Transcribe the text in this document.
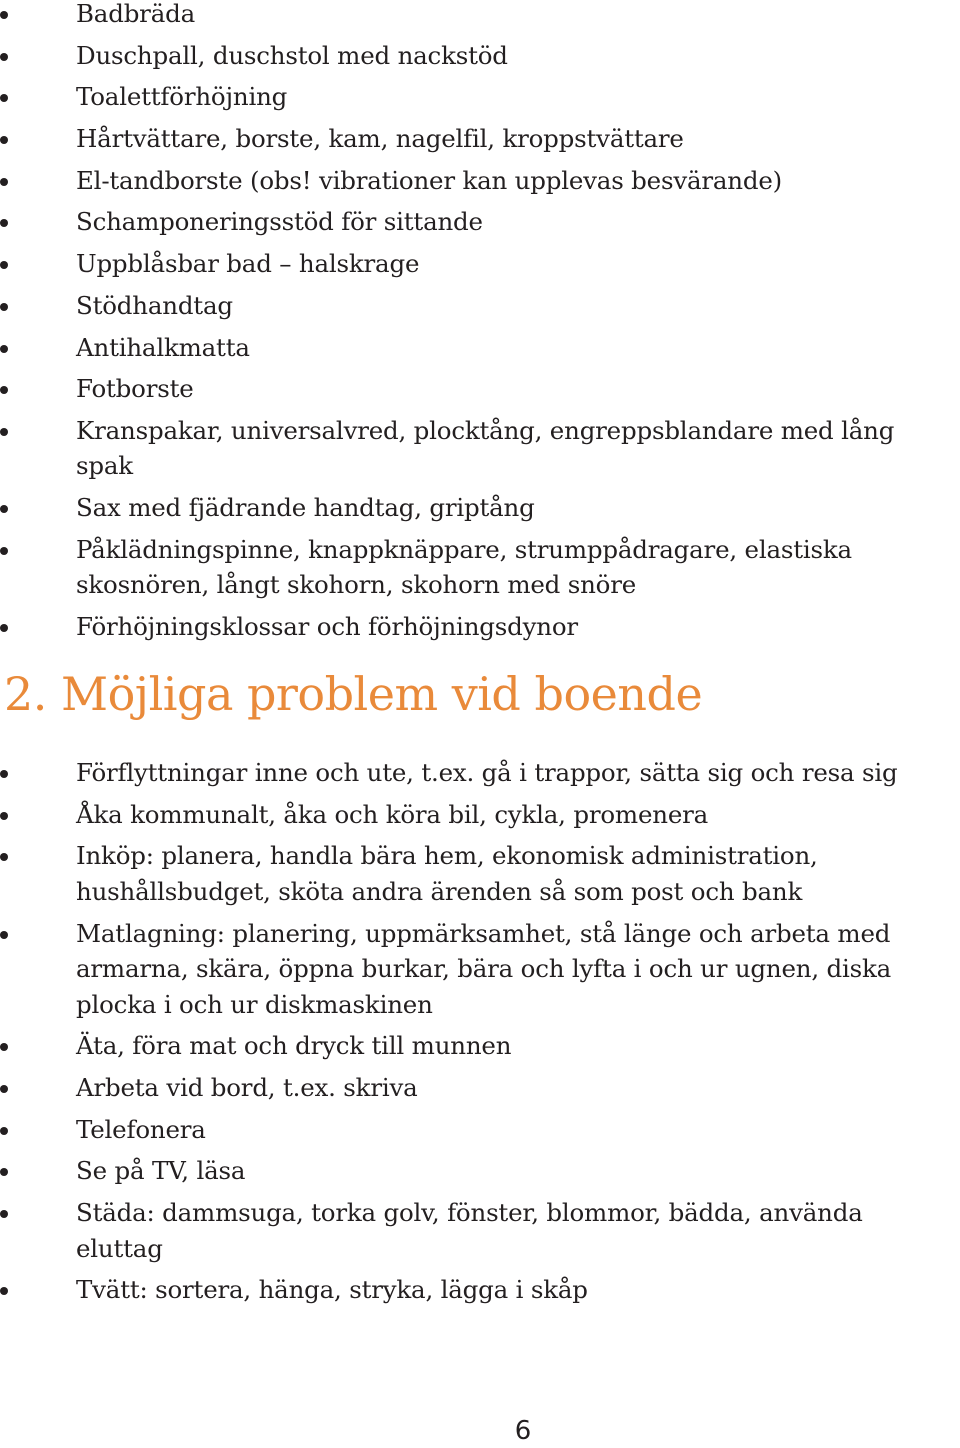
Badbräda
Duschpall, duschstol med nackstöd
Toalettförhöjning
Hårtvättare, borste, kam, nagelfil, kroppstvättare
El-tandborste (obs! vibrationer kan upplevas besvärande)
Schamponeringsstöd för sittande
Uppblåsbar bad – halskrage
Stödhandtag
Antihalkmatta
Fotborste
Kranspakar, universalvred, plocktång, engreppsblandare med lång spak
Sax med fjädrande handtag, griptång
Påklädningspinne, knappknäppare, strumppådragare, elastiska skosnören, långt skohorn, skohorn med snöre
Förhöjningsklossar och förhöjningsdynor
2. Möjliga problem vid boende
Förflyttningar inne och ute, t.ex. gå i trappor, sätta sig och resa sig
Åka kommunalt, åka och köra bil, cykla, promenera
Inköp: planera, handla bära hem, ekonomisk administration, hushållsbudget, sköta andra ärenden så som post och bank
Matlagning: planering, uppmärksamhet, stå länge och arbeta med armarna, skära, öppna burkar, bära och lyfta i och ur ugnen, diska plocka i och ur diskmaskinen
Äta, föra mat och dryck till munnen
Arbeta vid bord, t.ex. skriva
Telefonera
Se på TV, läsa
Städa: dammsuga, torka golv, fönster, blommor, bädda, använda eluttag
Tvätt: sortera, hänga, stryka, lägga i skåp
6
